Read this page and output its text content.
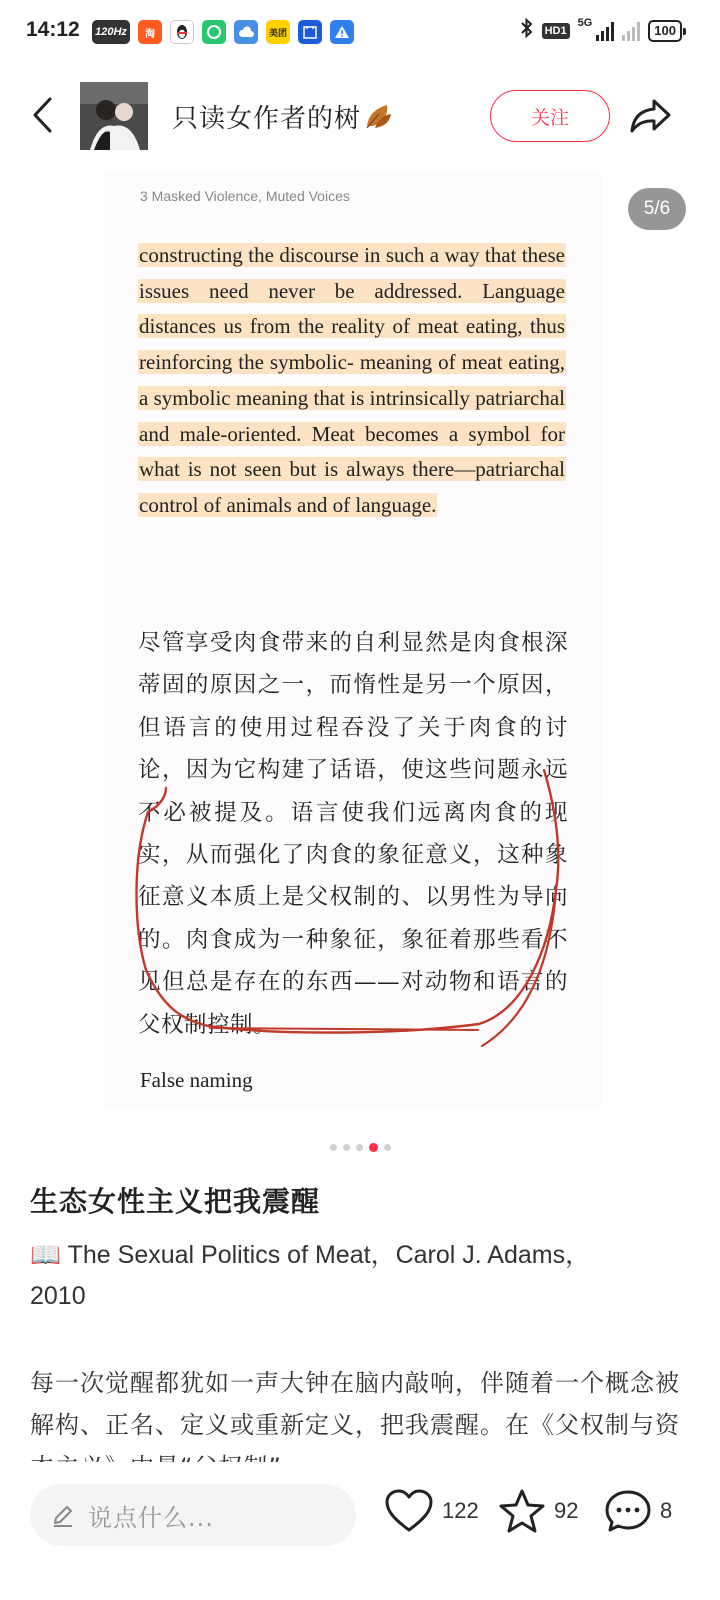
14:12 120Hz	淘	美团	HD1
5G	100
只读女作者的树	关注
3 Masked Violence, Muted Voices
constructing the discourse in such a way that these issues need never be addressed. Language distances us from the reality of meat eating, thus reinforcing the symbolic- meaning of meat eating, a symbolic meaning that is intrinsically patriarchal and male-oriented. Meat becomes a symbol for what is not seen but is always there—patriarchal control of animals and of language.
尽管享受肉食带来的自利显然是肉食根深蒂固的原因之一，而惰性是另一个原因，但语言的使用过程吞没了关于肉食的讨论，因为它构建了话语，使这些问题永远不必被提及。语言使我们远离肉食的现实，从而强化了肉食的象征意义，这种象征意义本质上是父权制的、以男性为导向的。肉食成为一种象征，象征着那些看不见但总是存在的东西——对动物和语言的父权制控制。
False naming
5/6
生态女性主义把我震醒
📖 The Sexual Politics of Meat，Carol J. Adams，
2010
每一次觉醒都犹如一声大钟在脑内敲响，伴随着一个概念被解构、正名、定义或重新定义，把我震醒。在《父权制与资
说点什么...	122	92	8
